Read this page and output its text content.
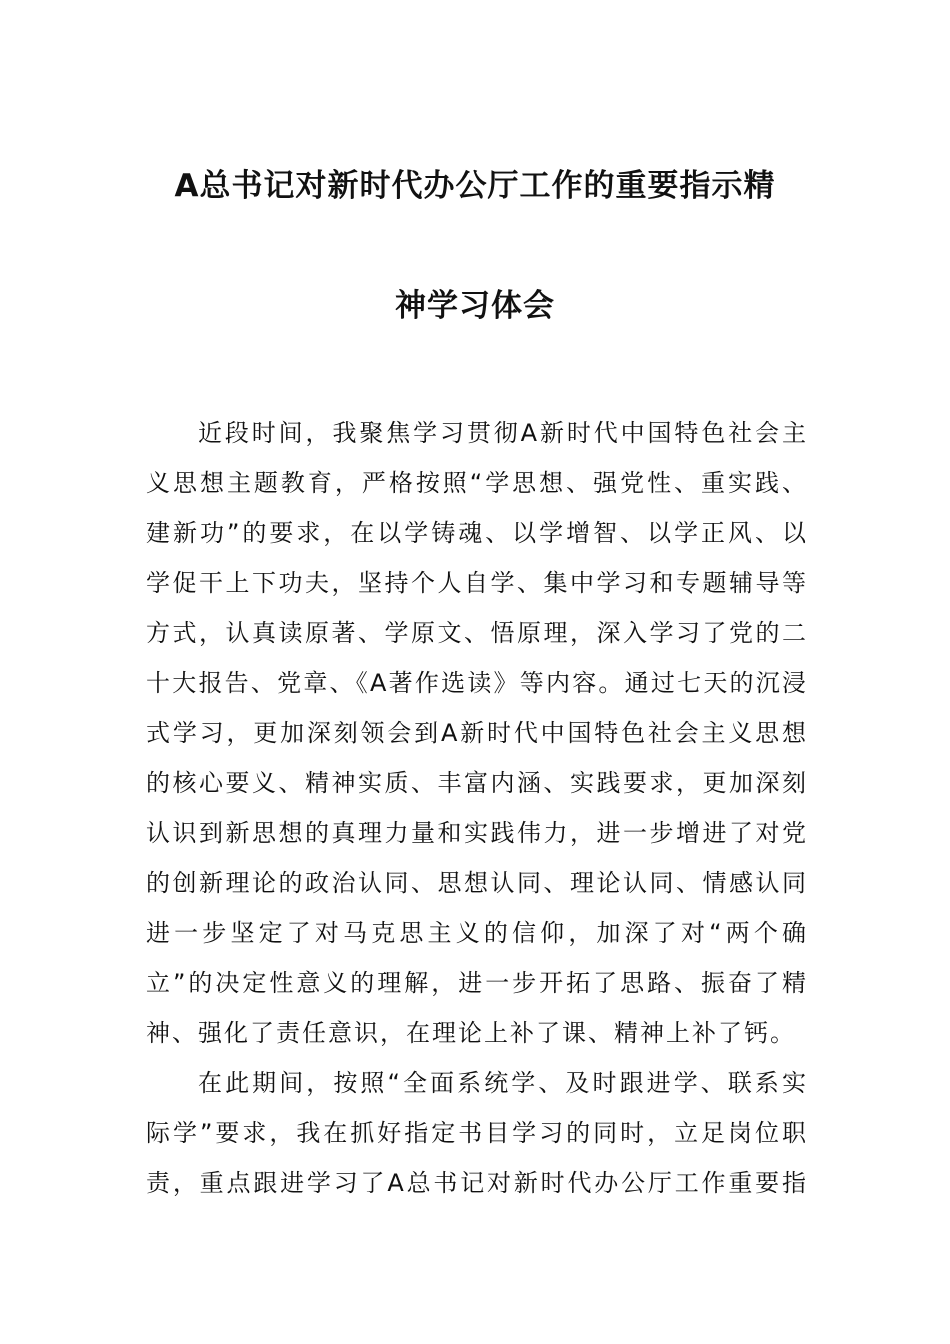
A总书记对新时代办公厅工作的重要指示精
神学习体会
近段时间，我聚焦学习贯彻A新时代中国特色社会主
义思想主题教育，严格按照“学思想、强党性、重实践、
建新功”的要求，在以学铸魂、以学增智、以学正风、以
学促干上下功夫，坚持个人自学、集中学习和专题辅导等
方式，认真读原著、学原文、悟原理，深入学习了党的二
十大报告、党章、《A著作选读》等内容。通过七天的沉浸
式学习，更加深刻领会到A新时代中国特色社会主义思想
的核心要义、精神实质、丰富内涵、实践要求，更加深刻
认识到新思想的真理力量和实践伟力，进一步增进了对党
的创新理论的政治认同、思想认同、理论认同、情感认同
进一步坚定了对马克思主义的信仰，加深了对“两个确
立”的决定性意义的理解，进一步开拓了思路、振奋了精
神、强化了责任意识，在理论上补了课、精神上补了钙。
在此期间，按照“全面系统学、及时跟进学、联系实
际学”要求，我在抓好指定书目学习的同时，立足岗位职
责，重点跟进学习了A总书记对新时代办公厅工作重要指
